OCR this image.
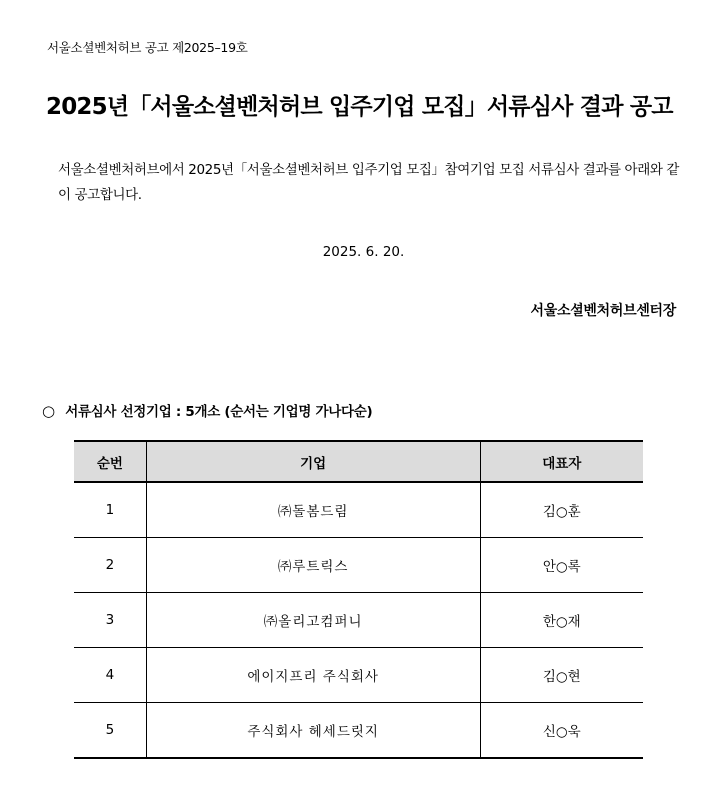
서울소셜벤처허브 공고 제2025–19호
2025년「서울소셜벤처허브 입주기업 모집」서류심사 결과 공고
서울소셜벤처허브에서 2025년「서울소셜벤처허브 입주기업 모집」참여기업 모집 서류심사 결과를 아래와 같이 공고합니다.
2025. 6. 20.
서울소셜벤처허브센터장
○ 서류심사 선정기업 : 5개소 (순서는 기업명 가나다순)
순번	기업	대표자
1	㈜돌봄드림	김○훈
2	㈜루트릭스	안○록
3	㈜올리고컴퍼니	한○재
4	에이지프리 주식회사	김○현
5	주식회사 헤세드릿지	신○욱
